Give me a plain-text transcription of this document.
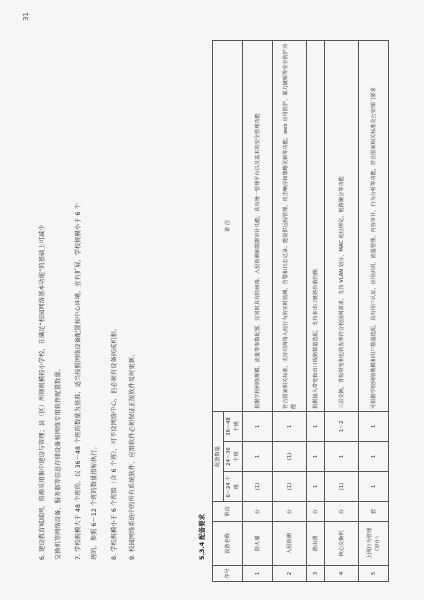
31
6. 建设教育城域网，资源采用集中建设与管理；县（区）所辖规模较小学校，在满足“校园网络基本功能”的基础上可减少	交换机等网络设备，服务器等信息存储设备和网络专用软件配置数量。	7. 学校规模大于 48 个班的，以 36～48 个班的数量为基准，适当按照网络设备配置和中心环境，宜有扩展，学校规模小于 6 个	班的，参照 6～12 个班的数量指标执行。	8. 学校规模小于 6 个班级（含 6 个班），可不设网络中心，但必须有设备间或机柜。	9. 校园网络系统中的所有系统软件、应用软件必须保证正版软件及时更新。	5.3.4 配备要求
序号	设备名称	单位	配备数量			备 注
			6～24 个班	24～36 个班	36～48 个班	
1	防火墙	台	(1)	1	1	根据学校网络规模、流量等参数配置，宜同时具有防病毒、入侵检测和数据审计功能，具有统一管理平台以及基本的安全管理功能
2	入侵检测	台	(1)	(1)	1	符合国家相关标准，支持对网络入侵行为的实时监测、告警和日志记录；能提供远程管理、攻击响应和策略更新等功能，web 应用防护、暴力破解等安全防护功能
3	路由器	台	1	1	1	根据接入带宽和出口线路数量选配，支持多出口链路负载均衡
4	核心交换机	台	(1)	1	1～2	三层交换，背板带宽和包转发率符合校园网需求，支持 VLAN 划分、MAC 地址绑定、链路聚合等功能
5	上网行为管理（审计）	套	1	1	1	可根据学校网络规模和用户数量选配，具有用户认证、应用识别、流量管理、内容审计、行为分析等功能，符合国家相关标准及公安部门要求
